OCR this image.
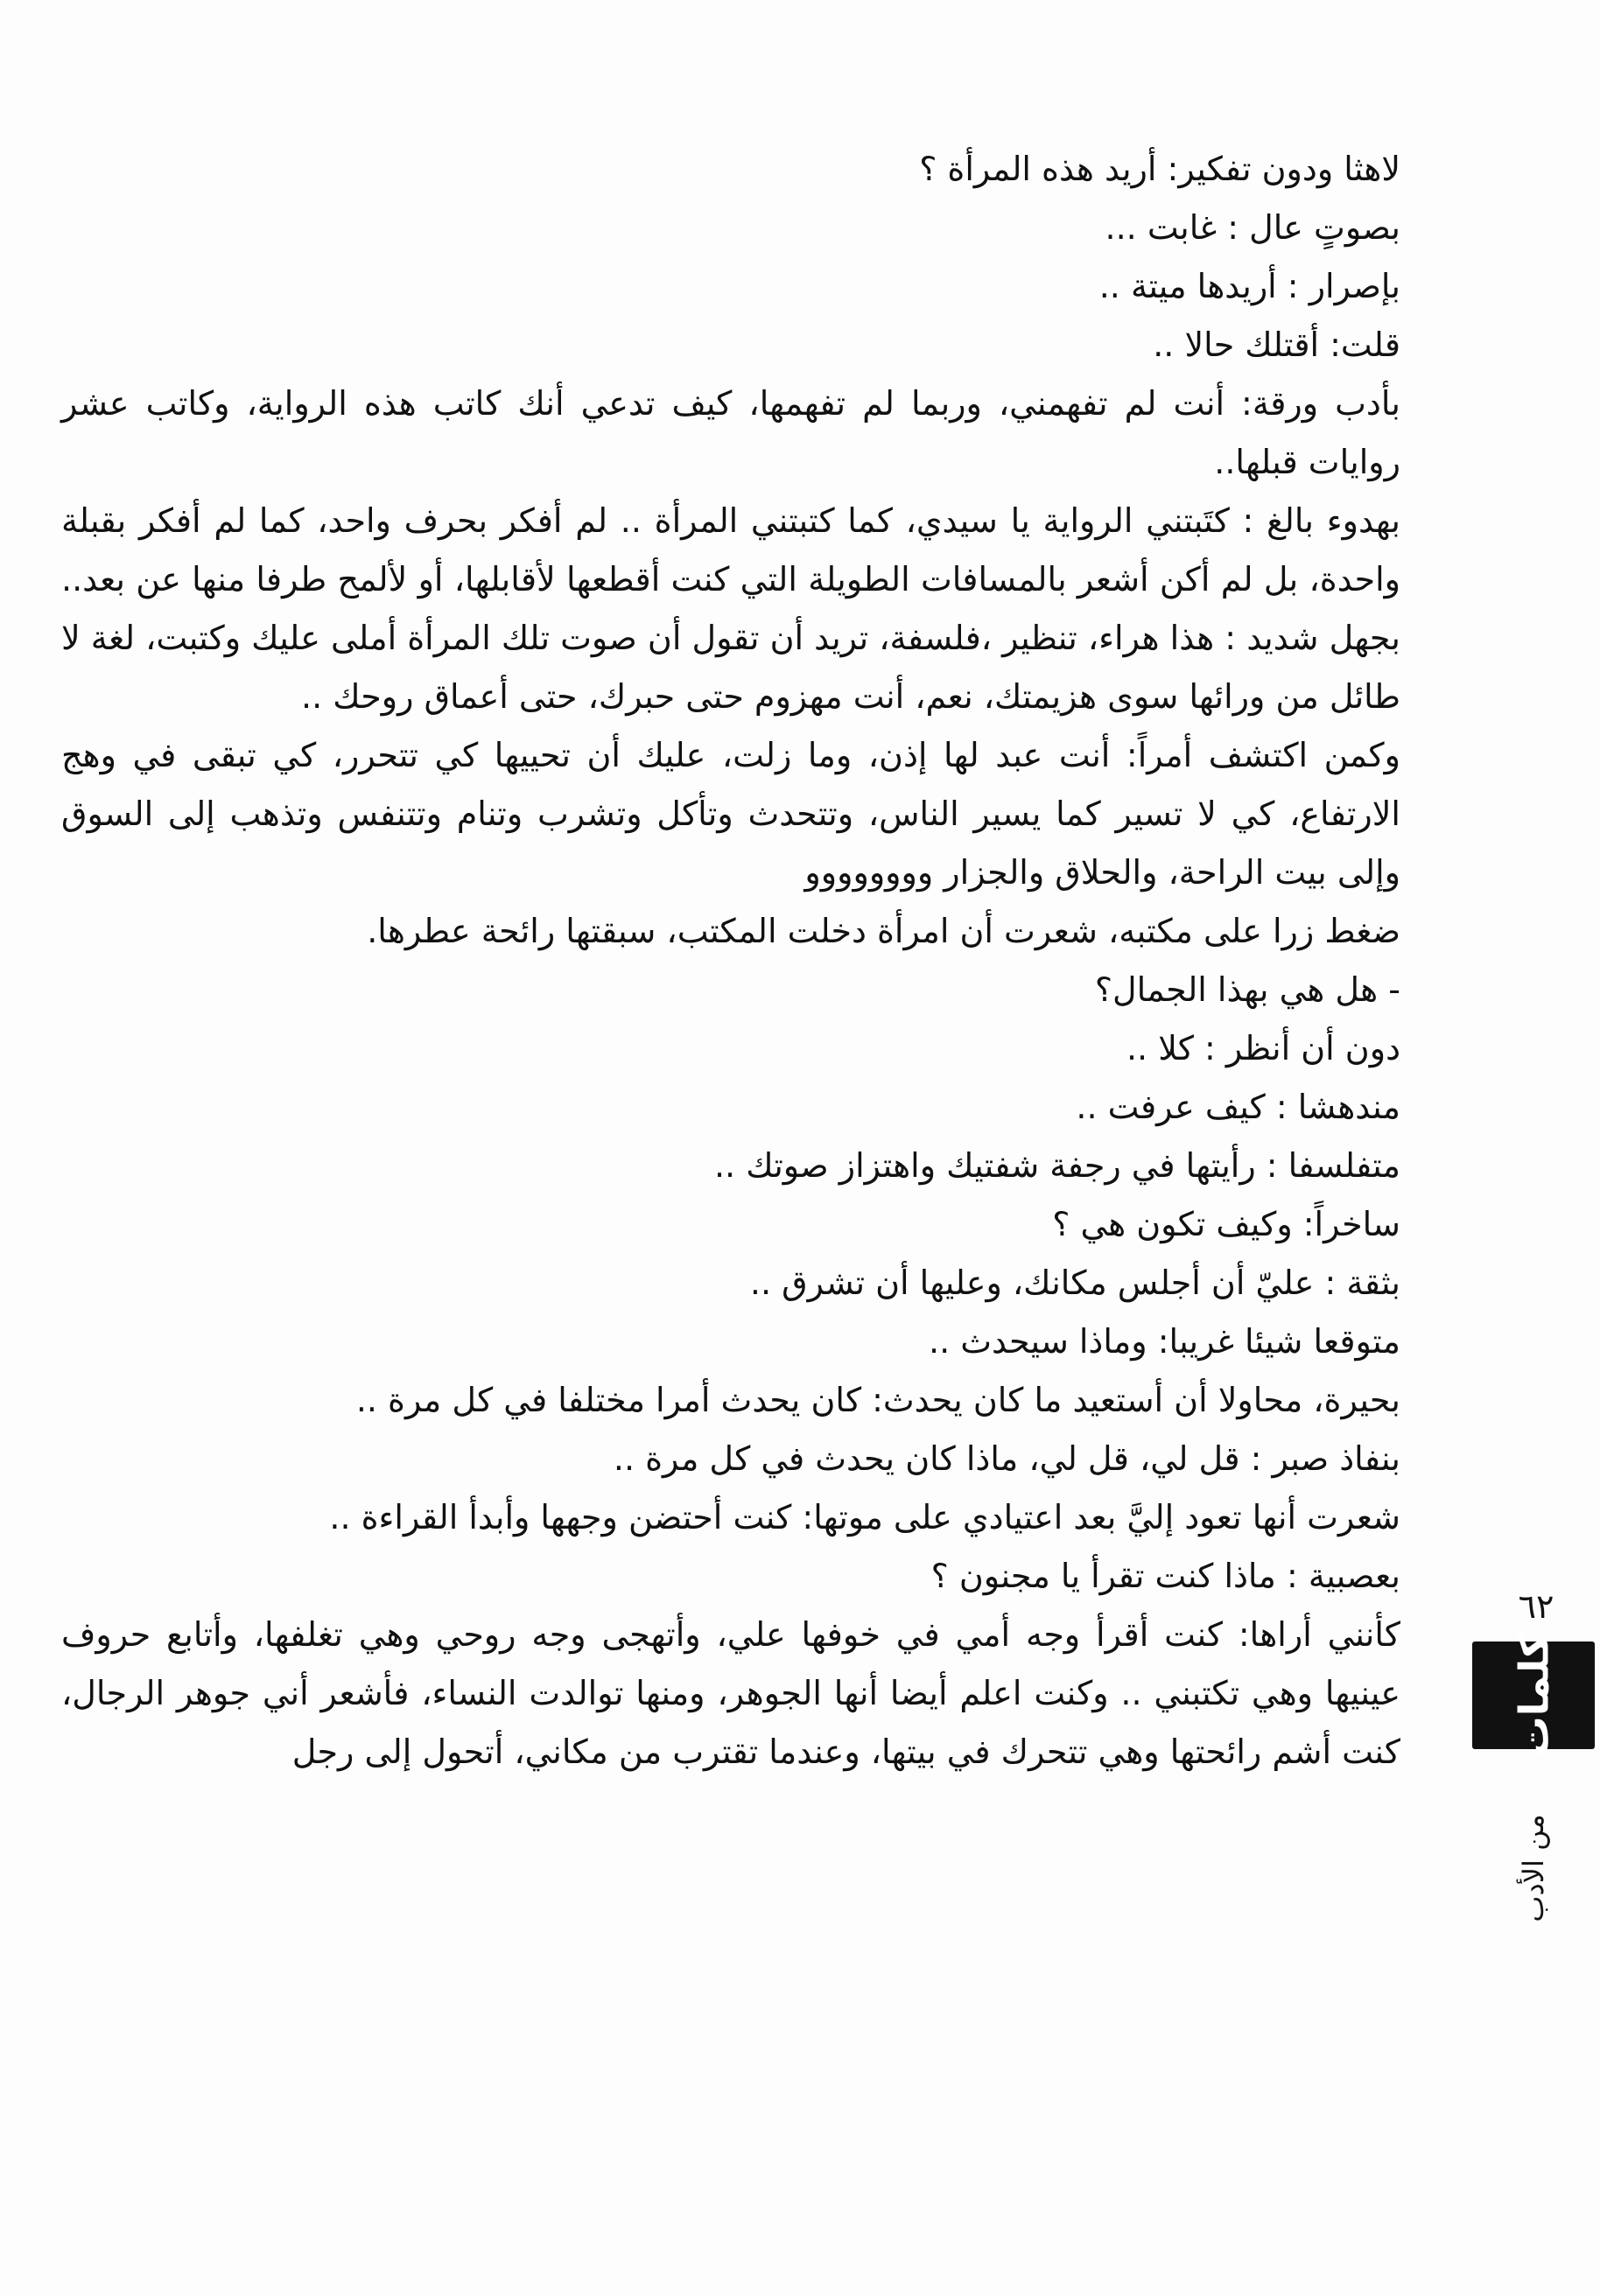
لاهثا ودون تفكير: أريد هذه المرأة ؟

بصوتٍ عال : غابت ...

بإصرار : أريدها ميتة ..

قلت: أقتلك حالا ..

بأدب ورقة: أنت لم تفهمني، وربما لم تفهمها، كيف تدعي أنك كاتب هذه الرواية، وكاتب عشر روايات قبلها..

بهدوء بالغ : كتَبتني الرواية يا سيدي، كما كتبتني المرأة .. لم أفكر بحرف واحد، كما لم أفكر بقبلة واحدة، بل لم أكن أشعر بالمسافات الطويلة التي كنت أقطعها لأقابلها، أو لألمح طرفا منها عن بعد.. بجهل شديد : هذا هراء، تنظير ،فلسفة، تريد أن تقول أن صوت تلك المرأة أملى عليك وكتبت، لغة لا طائل من ورائها سوى هزيمتك، نعم، أنت مهزوم حتى حبرك، حتى أعماق روحك ..

وكمن اكتشف أمراً: أنت عبد لها إذن، وما زلت، عليك أن تحييها كي تتحرر، كي تبقى في وهج الارتفاع، كي لا تسير كما يسير الناس، وتتحدث وتأكل وتشرب وتنام وتتنفس وتذهب إلى السوق وإلى بيت الراحة، والحلاق والجزار وووووووو

ضغط زرا على مكتبه، شعرت أن امرأة دخلت المكتب، سبقتها رائحة عطرها.

- هل هي بهذا الجمال؟

دون أن أنظر : كلا ..

مندهشا : كيف عرفت ..

متفلسفا : رأيتها في رجفة شفتيك واهتزاز صوتك ..

ساخراً: وكيف تكون هي ؟

بثقة : عليّ أن أجلس مكانك، وعليها أن تشرق ..

متوقعا شيئا غريبا: وماذا سيحدث ..

بحيرة، محاولا أن أستعيد ما كان يحدث: كان يحدث أمرا مختلفا في كل مرة ..

بنفاذ صبر : قل لي، قل لي، ماذا كان يحدث في كل مرة ..

شعرت أنها تعود إليَّ بعد اعتيادي على موتها: كنت أحتضن وجهها وأبدأ القراءة ..

بعصبية : ماذا كنت تقرأ يا مجنون ؟

كأنني أراها: كنت أقرأ وجه أمي في خوفها علي، وأتهجى وجه روحي وهي تغلفها، وأتابع حروف عينيها وهي تكتبني .. وكنت اعلم أيضا أنها الجوهر، ومنها توالدت النساء، فأشعر أني جوهر الرجال، كنت أشم رائحتها وهي تتحرك في بيتها، وعندما تقترب من مكاني، أتحول إلى رجل

٦٢
كلمات
من الأدب
